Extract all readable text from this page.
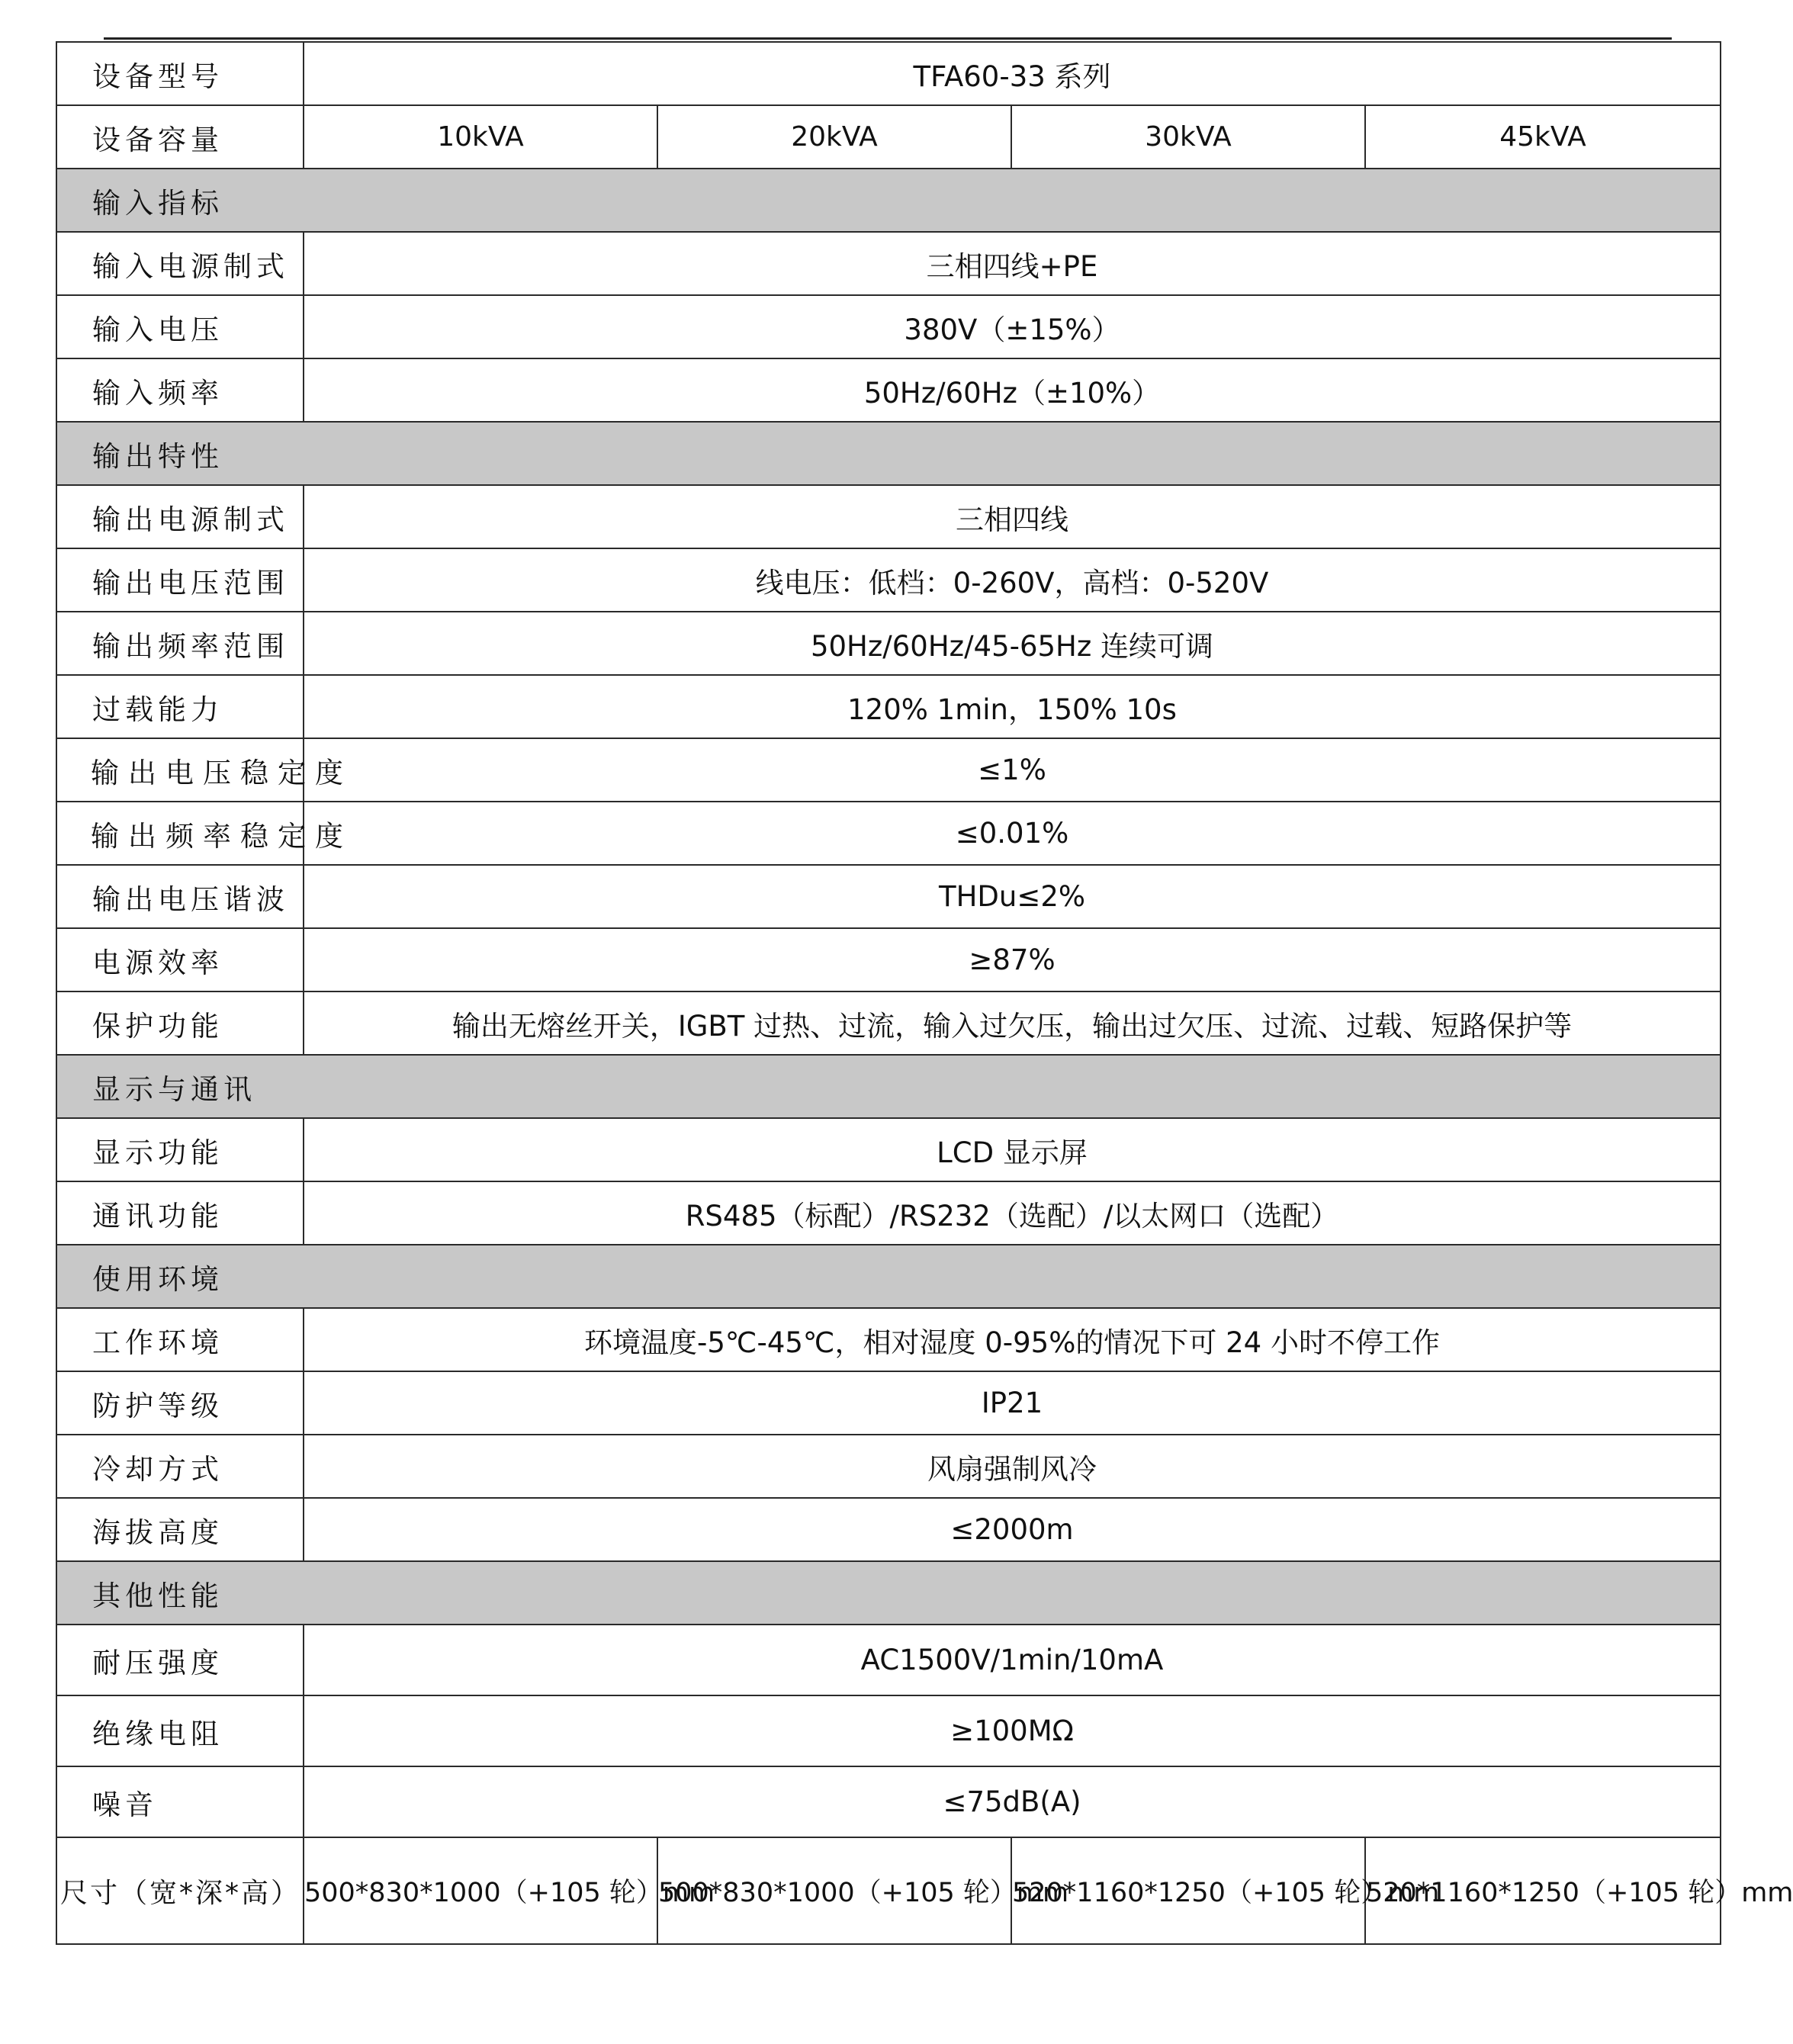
设备型号	TFA60-33 系列			
设备容量	10kVA	20kVA	30kVA	45kVA
输入指标				
输入电源制式	三相四线+PE			
输入电压	380V（±15%）			
输入频率	50Hz/60Hz（±10%）			
输出特性				
输出电源制式	三相四线			
输出电压范围	线电压：低档：0-260V，高档：0-520V			
输出频率范围	50Hz/60Hz/45-65Hz 连续可调			
过载能力	120% 1min，150% 10s			
输出电压稳定度	≤1%			
输出频率稳定度	≤0.01%			
输出电压谐波	THDu≤2%			
电源效率	≥87%			
保护功能	输出无熔丝开关，IGBT 过热、过流，输入过欠压，输出过欠压、过流、过载、短路保护等			
显示与通讯				
显示功能	LCD 显示屏			
通讯功能	RS485（标配）/RS232（选配）/以太网口（选配）			
使用环境				
工作环境	环境温度-5℃-45℃，相对湿度 0-95%的情况下可 24 小时不停工作			
防护等级	IP21			
冷却方式	风扇强制风冷			
海拔高度	≤2000m			
其他性能				
耐压强度	AC1500V/1min/10mA			
绝缘电阻	≥100MΩ			
噪音	≤75dB(A)			
尺寸（宽*深*高）	500*830*1000（+105 轮）mm	500*830*1000（+105 轮）mm	520*1160*1250（+105 轮）mm	520*1160*1250（+105 轮）mm
